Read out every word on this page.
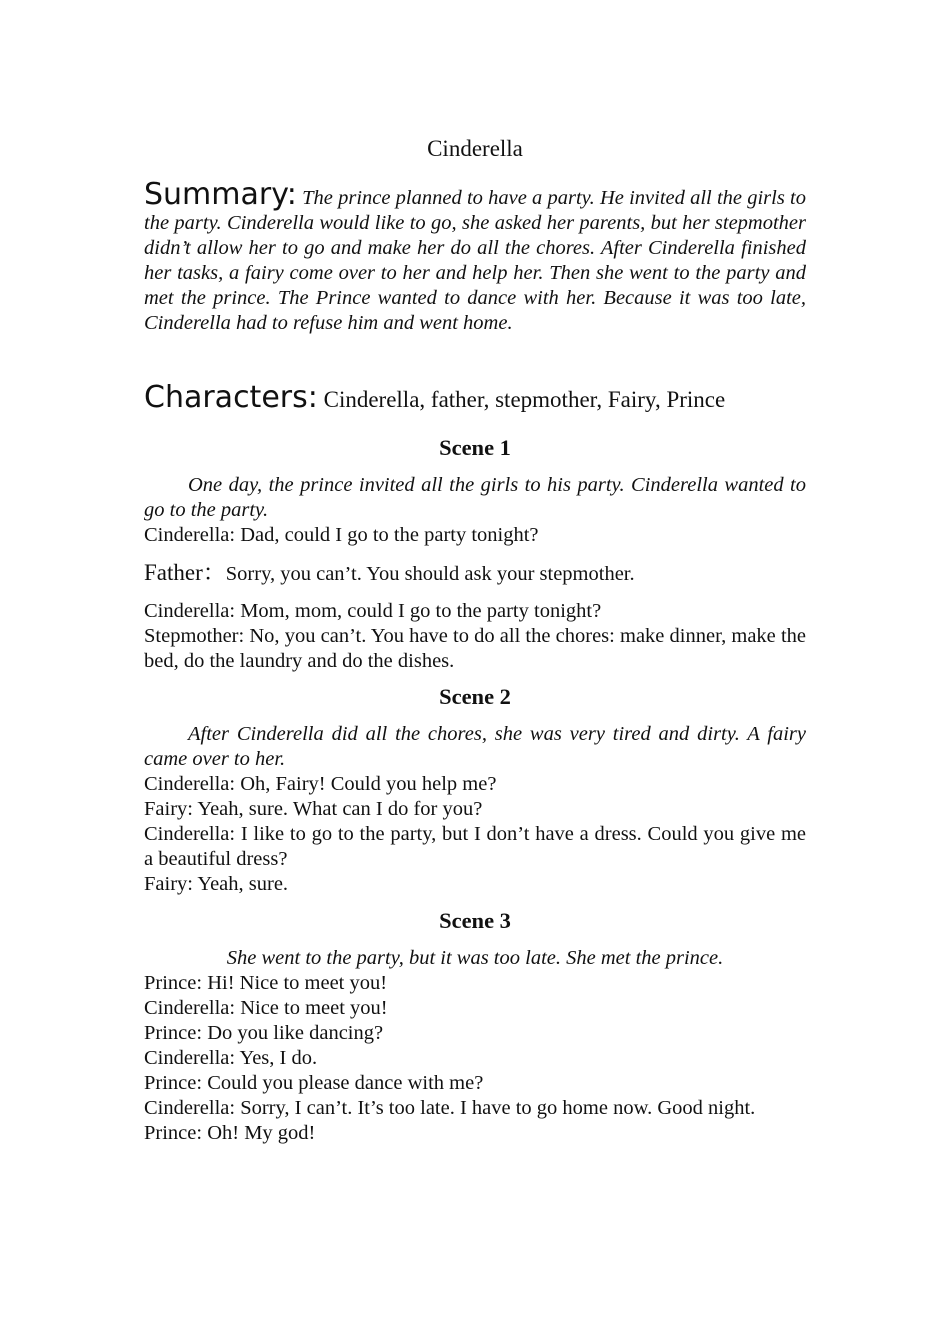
Cinderella

Summary: The prince planned to have a party. He invited all the girls to the party. Cinderella would like to go, she asked her parents, but her stepmother didn’t allow her to go and make her do all the chores. After Cinderella finished her tasks, a fairy come over to her and help her. Then she went to the party and met the prince. The Prince wanted to dance with her. Because it was too late, Cinderella had to refuse him and went home.

Characters: Cinderella, father, stepmother, Fairy, Prince

Scene 1

One day, the prince invited all the girls to his party. Cinderella wanted to go to the party.

Cinderella: Dad, could I go to the party tonight?

Father：Sorry, you can’t. You should ask your stepmother.

Cinderella: Mom, mom, could I go to the party tonight?

Stepmother: No, you can’t. You have to do all the chores: make dinner, make the bed, do the laundry and do the dishes.

Scene 2

After Cinderella did all the chores, she was very tired and dirty. A fairy came over to her.

Cinderella: Oh, Fairy! Could you help me?

Fairy: Yeah, sure. What can I do for you?

Cinderella: I like to go to the party, but I don’t have a dress. Could you give me a beautiful dress?

Fairy: Yeah, sure.

Scene 3

She went to the party, but it was too late. She met the prince.

Prince: Hi! Nice to meet you!

Cinderella: Nice to meet you!

Prince: Do you like dancing?

Cinderella: Yes, I do.

Prince: Could you please dance with me?

Cinderella: Sorry, I can’t. It’s too late. I have to go home now. Good night.

Prince: Oh! My god!
